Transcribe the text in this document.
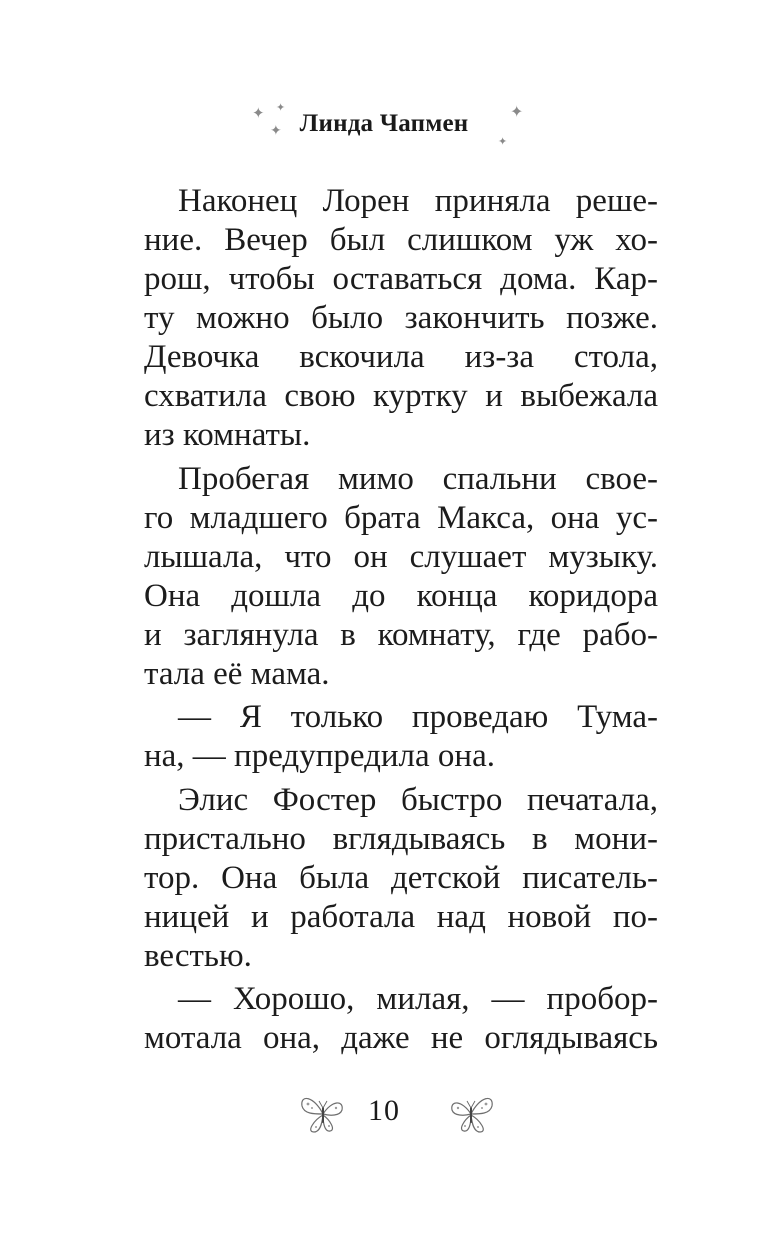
✦ ✦
✦ Линда Чапмен	✦
✦
Наконец Лорен приняла реше-
ние. Вечер был слишком уж хо-
рош, чтобы оставаться дома. Кар-
ту можно было закончить позже.
Девочка вскочила из-за стола,
схватила свою куртку и выбежала
из комнаты.
Пробегая мимо спальни свое-
го младшего брата Макса, она ус-
лышала, что он слушает музыку.
Она дошла до конца коридора
и заглянула в комнату, где рабо-
тала её мама.
— Я только проведаю Тума-
на, — предупредила она.
Элис Фостер быстро печатала,
пристально вглядываясь в мони-
тор. Она была детской писатель-
ницей и работала над новой по-
вестью.
— Хорошо, милая, — пробор-
мотала она, даже не оглядываясь
10
